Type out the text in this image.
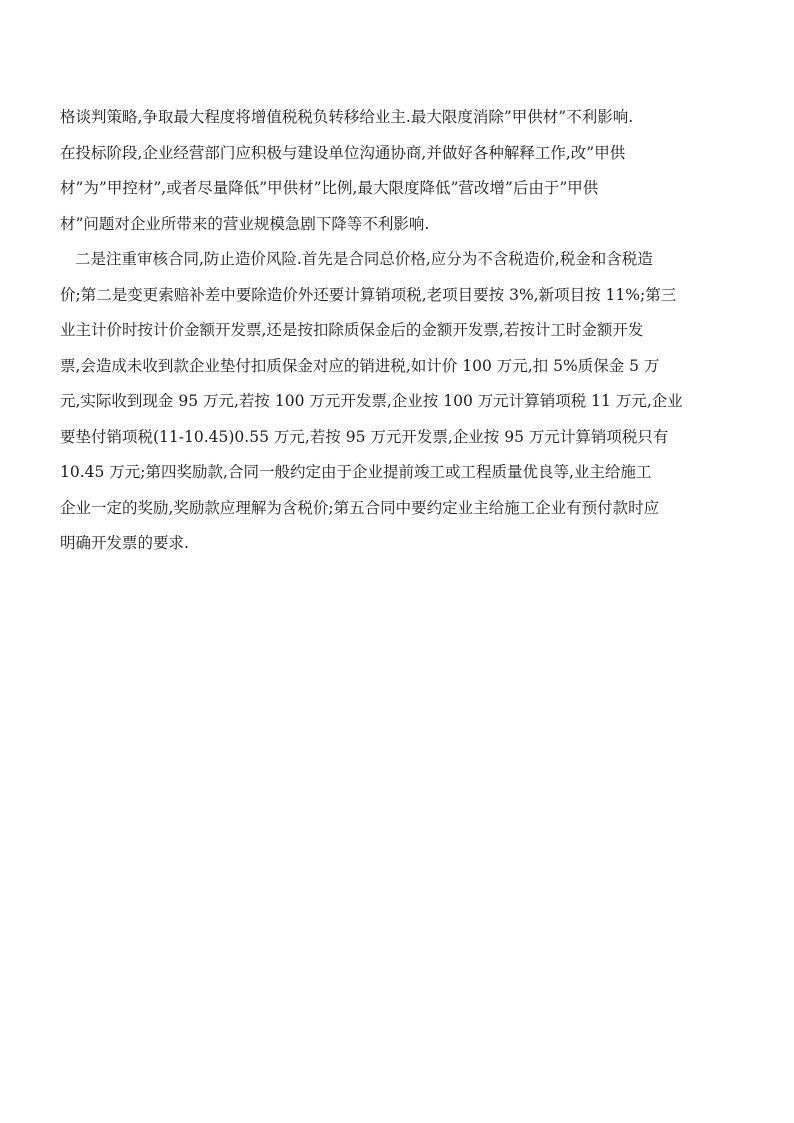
格谈判策略,争取最大程度将增值税税负转移给业主.最大限度消除”甲供材”不利影响.
在投标阶段,企业经营部门应积极与建设单位沟通协商,并做好各种解释工作,改”甲供
材”为”甲控材”,或者尽量降低”甲供材”比例,最大限度降低”营改增”后由于”甲供
材”问题对企业所带来的营业规模急剧下降等不利影响.
二是注重审核合同,防止造价风险.首先是合同总价格,应分为不含税造价,税金和含税造
价;第二是变更索赔补差中要除造价外还要计算销项税,老项目要按 3%,新项目按 11%;第三
业主计价时按计价金额开发票,还是按扣除质保金后的金额开发票,若按计工时金额开发
票,会造成未收到款企业垫付扣质保金对应的销进税,如计价 100 万元,扣 5%质保金 5 万
元,实际收到现金 95 万元,若按 100 万元开发票,企业按 100 万元计算销项税 11 万元,企业
要垫付销项税(11-10.45)0.55 万元,若按 95 万元开发票,企业按 95 万元计算销项税只有
10.45 万元;第四奖励款,合同一般约定由于企业提前竣工或工程质量优良等,业主给施工
企业一定的奖励,奖励款应理解为含税价;第五合同中要约定业主给施工企业有预付款时应
明确开发票的要求.
